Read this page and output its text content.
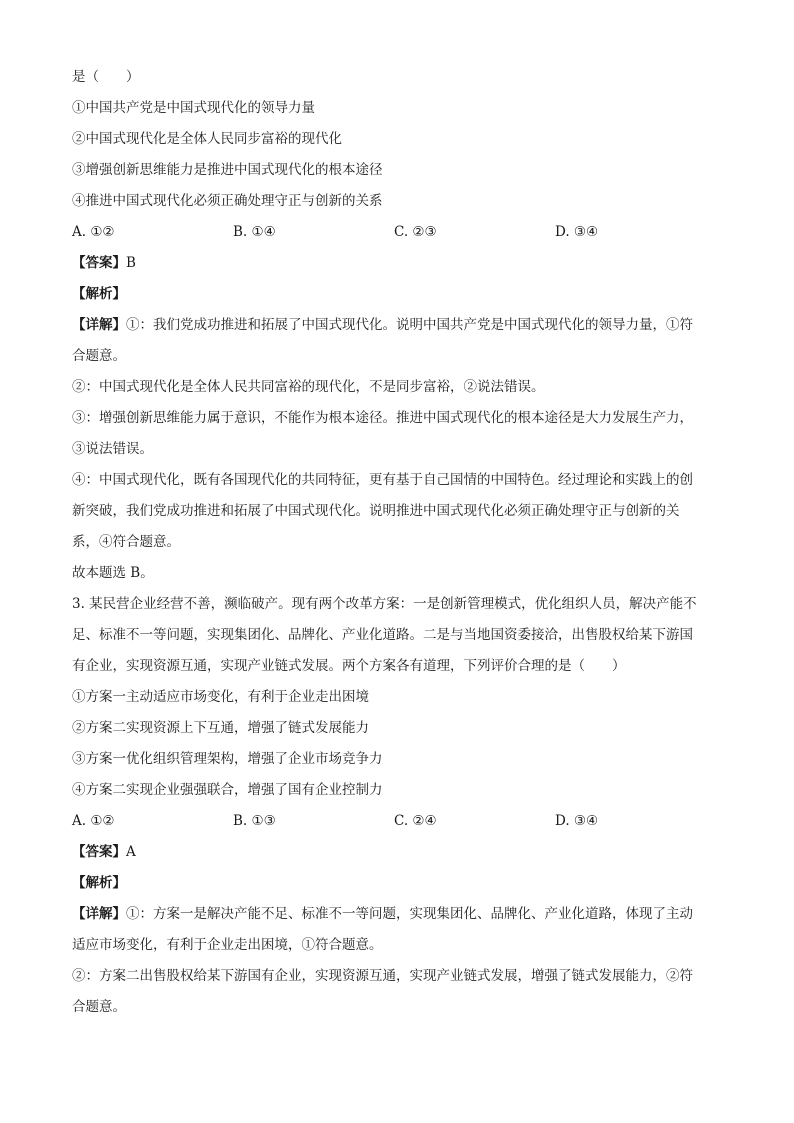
是（　　）
①中国共产党是中国式现代化的领导力量
②中国式现代化是全体人民同步富裕的现代化
③增强创新思维能力是推进中国式现代化的根本途径
④推进中国式现代化必须正确处理守正与创新的关系
A. ①②	B. ①④	C. ②③	D. ③④
【答案】B
【解析】
【详解】①：我们党成功推进和拓展了中国式现代化。说明中国共产党是中国式现代化的领导力量，①符
合题意。
②：中国式现代化是全体人民共同富裕的现代化，不是同步富裕，②说法错误。
③：增强创新思维能力属于意识，不能作为根本途径。推进中国式现代化的根本途径是大力发展生产力，
③说法错误。
④：中国式现代化，既有各国现代化的共同特征，更有基于自己国情的中国特色。经过理论和实践上的创
新突破，我们党成功推进和拓展了中国式现代化。说明推进中国式现代化必须正确处理守正与创新的关
系，④符合题意。
故本题选 B。
3. 某民营企业经营不善，濒临破产。现有两个改革方案：一是创新管理模式，优化组织人员，解决产能不
足、标准不一等问题，实现集团化、品牌化、产业化道路。二是与当地国资委接洽，出售股权给某下游国
有企业，实现资源互通，实现产业链式发展。两个方案各有道理，下列评价合理的是（　　）
①方案一主动适应市场变化，有利于企业走出困境
②方案二实现资源上下互通，增强了链式发展能力
③方案一优化组织管理架构，增强了企业市场竞争力
④方案二实现企业强强联合，增强了国有企业控制力
A. ①②	B. ①③	C. ②④	D. ③④
【答案】A
【解析】
【详解】①：方案一是解决产能不足、标准不一等问题，实现集团化、品牌化、产业化道路，体现了主动
适应市场变化，有利于企业走出困境，①符合题意。
②：方案二出售股权给某下游国有企业，实现资源互通，实现产业链式发展，增强了链式发展能力，②符
合题意。
